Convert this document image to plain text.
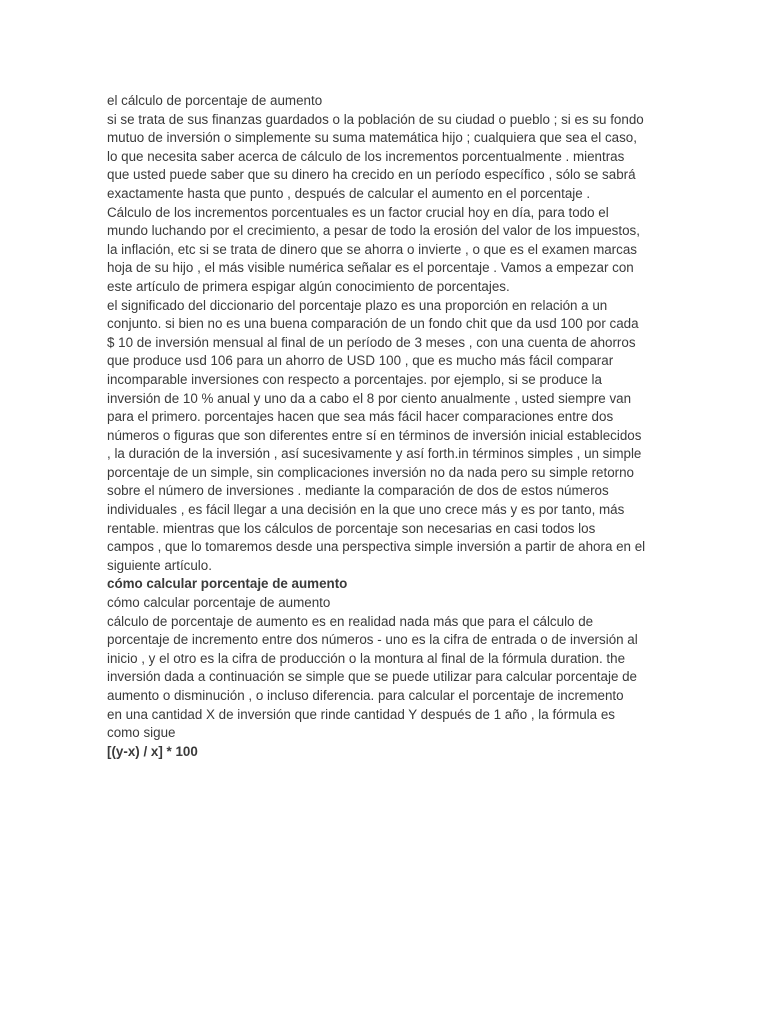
el cálculo de porcentaje de aumento
si se trata de sus finanzas guardados o la población de su ciudad o pueblo ; si es su fondo
mutuo de inversión o simplemente su suma matemática hijo ; cualquiera que sea el caso,
lo que necesita saber acerca de cálculo de los incrementos porcentualmente . mientras
que usted puede saber que su dinero ha crecido en un período específico , sólo se sabrá
exactamente hasta que punto , después de calcular el aumento en el porcentaje .

Cálculo de los incrementos porcentuales es un factor crucial hoy en día, para todo el
mundo luchando por el crecimiento, a pesar de todo la erosión del valor de los impuestos,
la inflación, etc si se trata de dinero que se ahorra o invierte , o que es el examen marcas
hoja de su hijo , el más visible numérica señalar es el porcentaje . Vamos a empezar con
este artículo de primera espigar algún conocimiento de porcentajes.

el significado del diccionario del porcentaje plazo es una proporción en relación a un
conjunto. si bien no es una buena comparación de un fondo chit que da usd 100 por cada
$ 10 de inversión mensual al final de un período de 3 meses , con una cuenta de ahorros
que produce usd 106 para un ahorro de USD 100 , que es mucho más fácil comparar
incomparable inversiones con respecto a porcentajes. por ejemplo, si se produce la
inversión de 10 % anual y uno da a cabo el 8 por ciento anualmente , usted siempre van
para el primero. porcentajes hacen que sea más fácil hacer comparaciones entre dos
números o figuras que son diferentes entre sí en términos de inversión inicial establecidos
, la duración de la inversión , así sucesivamente y así forth.in términos simples , un simple
porcentaje de un simple, sin complicaciones inversión no da nada pero su simple retorno
sobre el número de inversiones . mediante la comparación de dos de estos números
individuales , es fácil llegar a una decisión en la que uno crece más y es por tanto, más
rentable. mientras que los cálculos de porcentaje son necesarias en casi todos los
campos , que lo tomaremos desde una perspectiva simple inversión a partir de ahora en el
siguiente artículo.

cómo calcular porcentaje de aumento

cómo calcular porcentaje de aumento
cálculo de porcentaje de aumento es en realidad nada más que para el cálculo de
porcentaje de incremento entre dos números - uno es la cifra de entrada o de inversión al
inicio , y el otro es la cifra de producción o la montura al final de la fórmula duration. the
inversión dada a continuación se simple que se puede utilizar para calcular porcentaje de
aumento o disminución , o incluso diferencia. para calcular el porcentaje de incremento
en una cantidad X de inversión que rinde cantidad Y después de 1 año , la fórmula es
como sigue

[(y-x) / x] * 100
